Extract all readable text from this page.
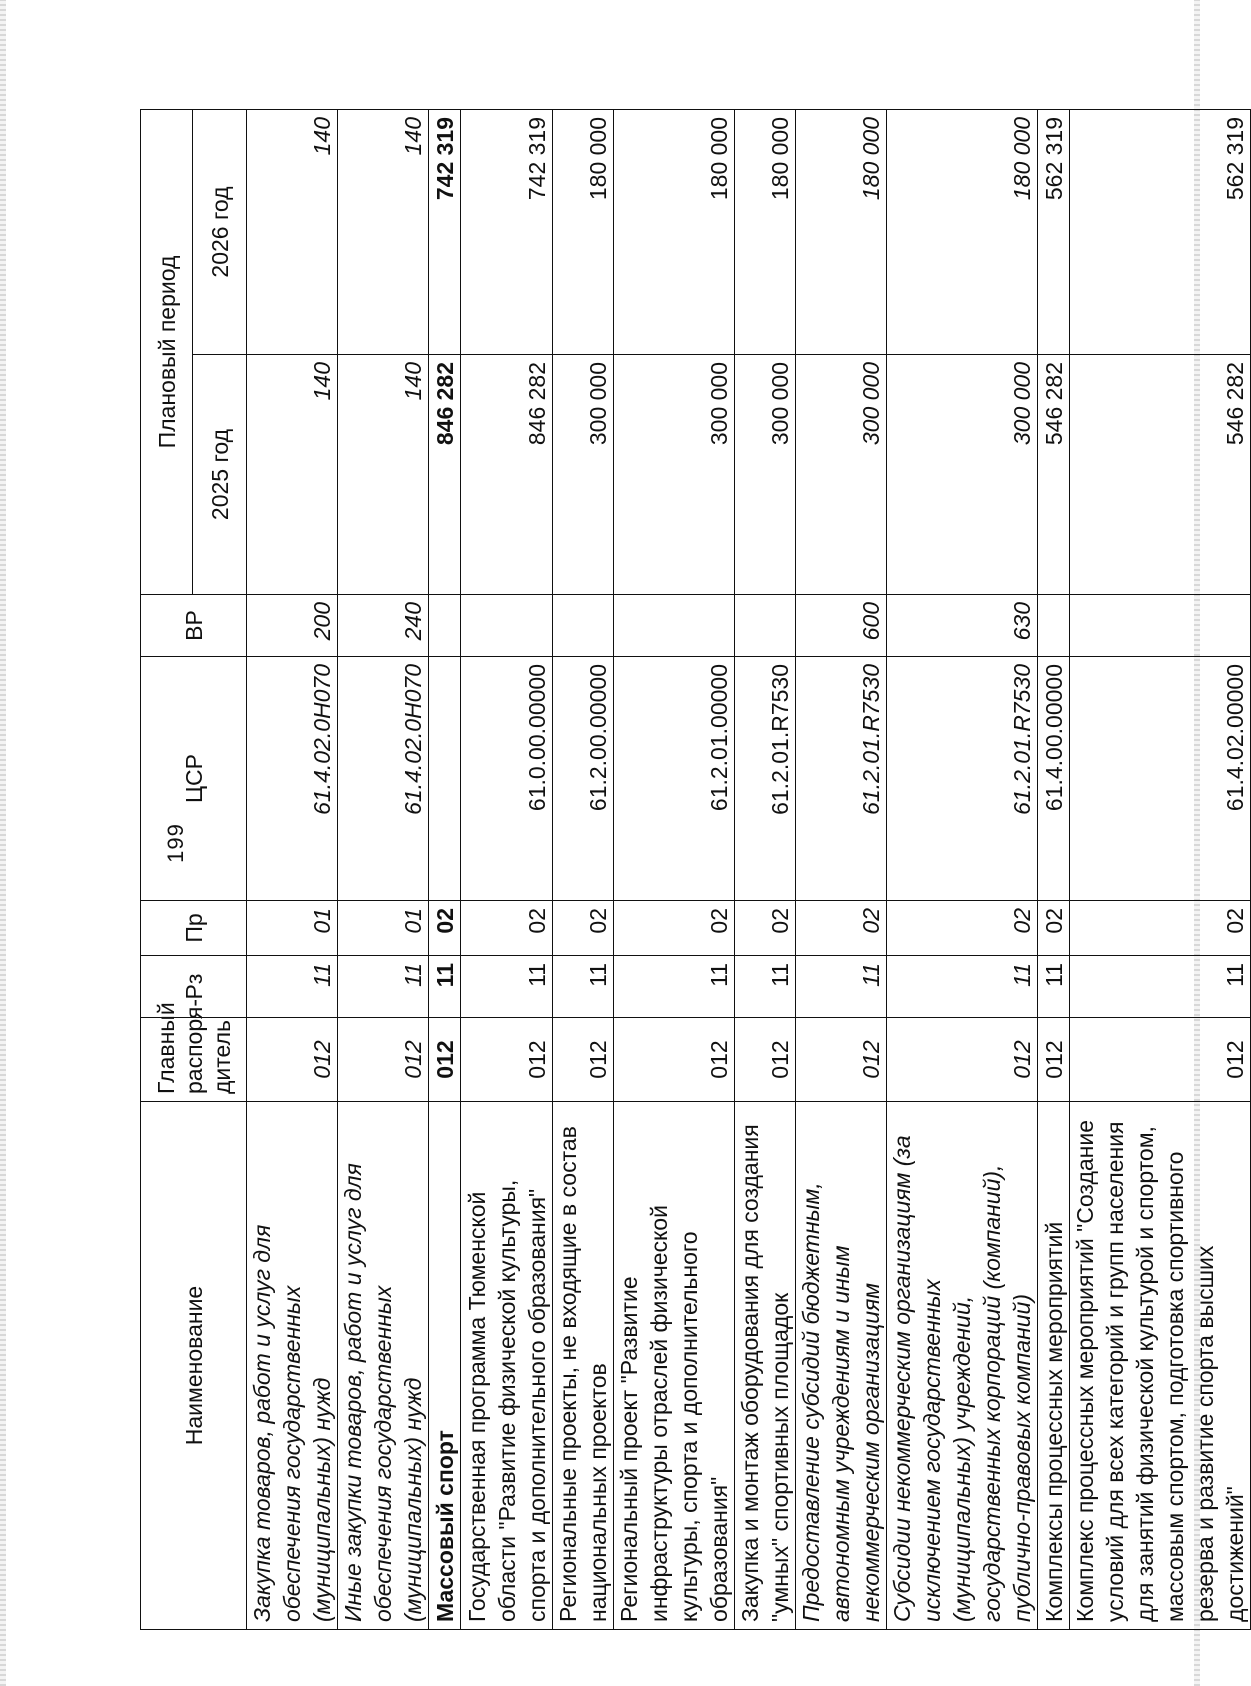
199
Наименование	Главный распоря-дитель	Рз	Пр	ЦСР	ВР	Плановый период	
						2025 год	2026 год
Закупка товаров, работ и услуг для обеспечения государственных (муниципальных) нужд	012	11	01	61.4.02.0Н070	200	140	140
Иные закупки товаров, работ и услуг для обеспечения государственных (муниципальных) нужд	012	11	01	61.4.02.0Н070	240	140	140
Массовый спорт	012	11	02			846 282	742 319
Государственная программа Тюменской области "Развитие физической культуры, спорта и дополнительного образования"	012	11	02	61.0.00.00000		846 282	742 319
Региональные проекты, не входящие в состав национальных проектов	012	11	02	61.2.00.00000		300 000	180 000
Региональный проект "Развитие инфраструктуры отраслей физической культуры, спорта и дополнительного образования"	012	11	02	61.2.01.00000		300 000	180 000
Закупка и монтаж оборудования для создания "умных" спортивных площадок	012	11	02	61.2.01.R7530		300 000	180 000
Предоставление субсидий бюджетным, автономным учреждениям и иным некоммерческим организациям	012	11	02	61.2.01.R7530	600	300 000	180 000
Субсидии некоммерческим организациям (за исключением государственных (муниципальных) учреждений, государственных корпораций (компаний), публично-правовых компаний)	012	11	02	61.2.01.R7530	630	300 000	180 000
Комплексы процессных мероприятий	012	11	02	61.4.00.00000		546 282	562 319
Комплекс процессных мероприятий "Создание условий для всех категорий и групп населения для занятий физической культурой и спортом, массовым спортом, подготовка спортивного резерва и развитие спорта высших достижений"	012	11	02	61.4.02.00000		546 282	562 319
